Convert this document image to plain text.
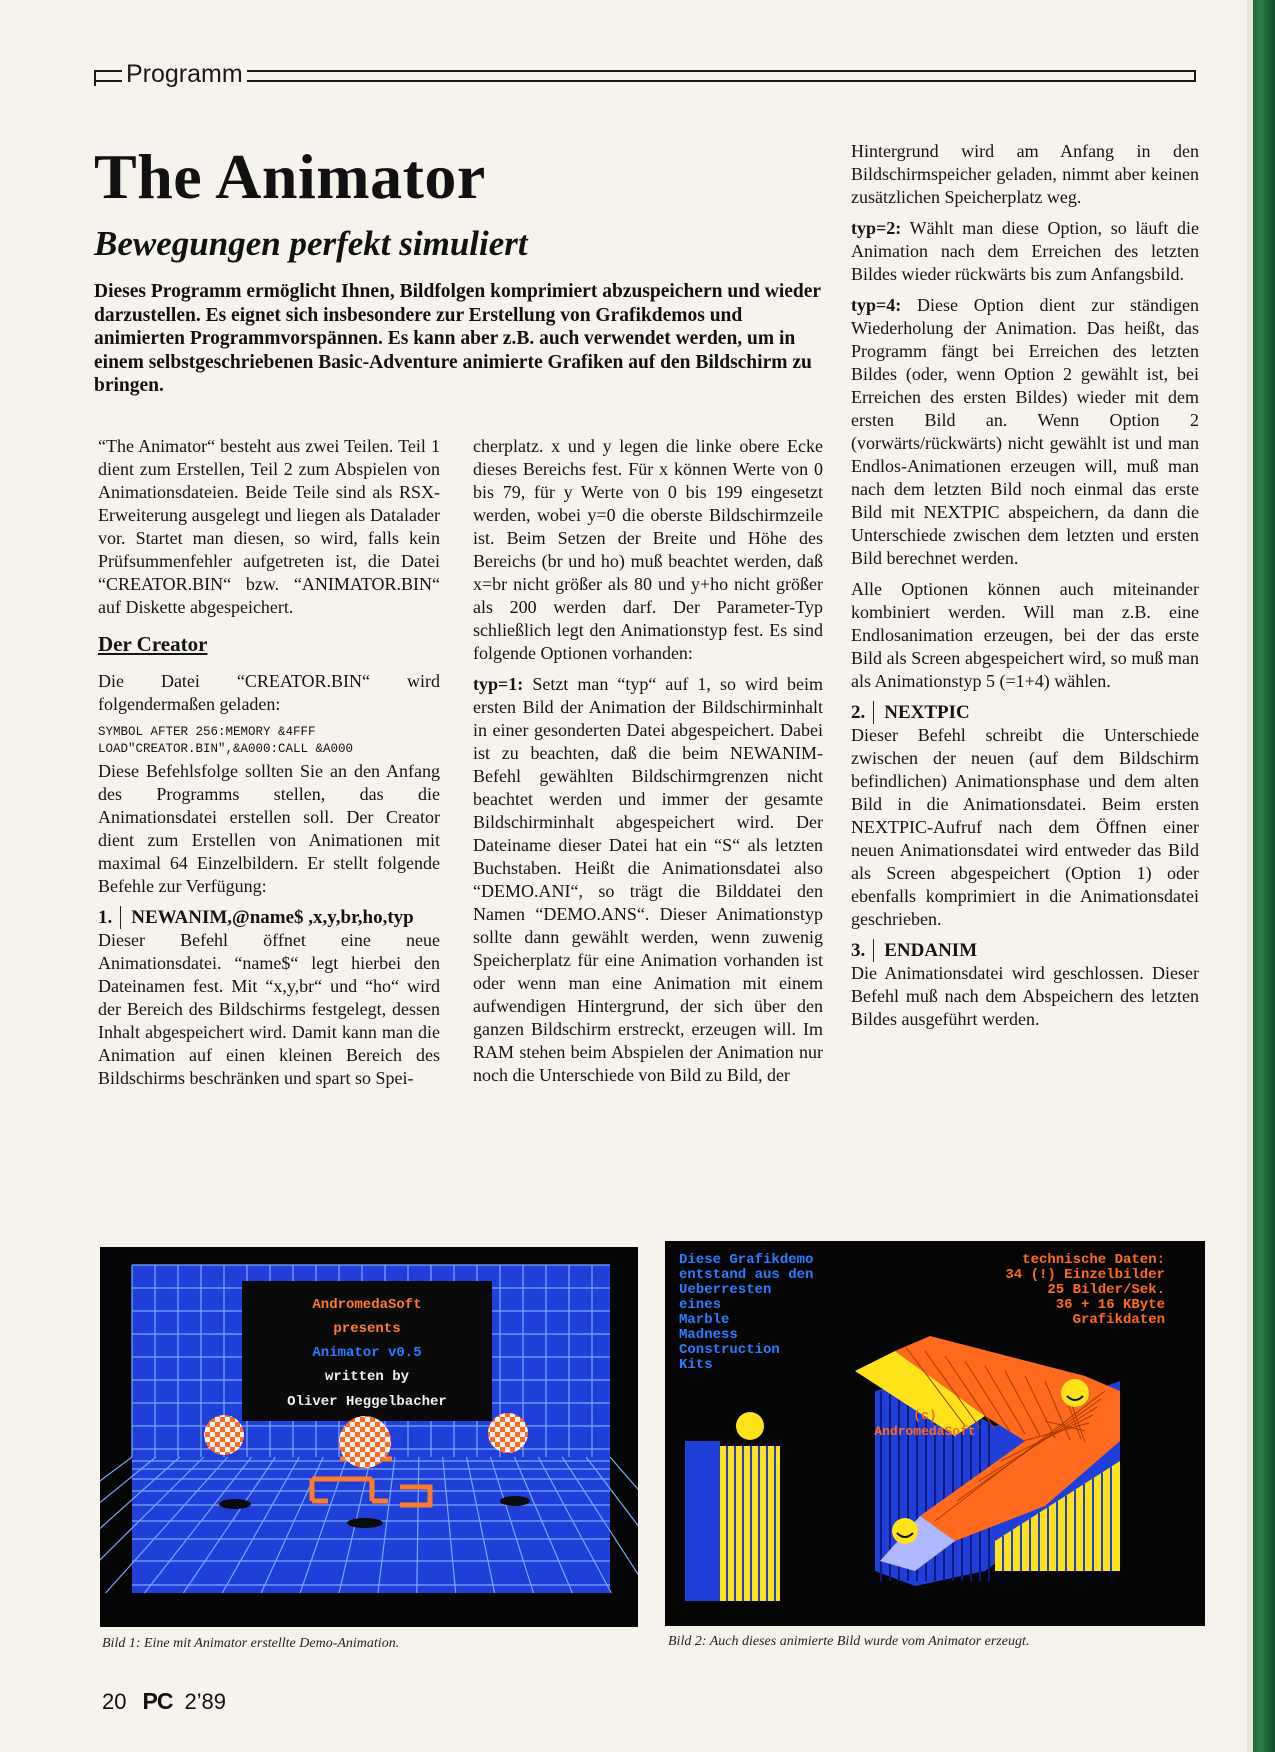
Programm
The Animator
Bewegungen perfekt simuliert

Dieses Programm ermöglicht Ihnen, Bildfolgen komprimiert abzuspeichern und wieder darzustellen. Es eignet sich insbesondere zur Erstellung von Grafikdemos und animierten Programmvorspännen. Es kann aber z.B. auch verwendet werden, um in einem selbstgeschriebenen Basic-Adventure animierte Grafiken auf den Bildschirm zu bringen.

“The Animator“ besteht aus zwei Teilen. Teil 1 dient zum Erstellen, Teil 2 zum Abspielen von Animationsdateien. Beide Teile sind als RSX-Erweiterung ausgelegt und liegen als Datalader vor. Startet man diesen, so wird, falls kein Prüfsummenfehler aufgetreten ist, die Datei “CREATOR.BIN“ bzw. “ANIMATOR.BIN“ auf Diskette abgespeichert.

Der Creator

Die Datei “CREATOR.BIN“ wird folgendermaßen geladen:

SYMBOL AFTER 256:MEMORY &4FFF LOAD"CREATOR.BIN",&A000:CALL &A000

Diese Befehlsfolge sollten Sie an den Anfang des Programms stellen, das die Animationsdatei erstellen soll. Der Creator dient zum Erstellen von Animationen mit maximal 64 Einzelbildern. Er stellt folgende Befehle zur Verfügung:

1. NEWANIM,@name$ ,x,y,br,ho,typ

Dieser Befehl öffnet eine neue Animationsdatei. “name$“ legt hierbei den Dateinamen fest. Mit “x,y,br“ und “ho“ wird der Bereich des Bildschirms festgelegt, dessen Inhalt abgespeichert wird. Damit kann man die Animation auf einen kleinen Bereich des Bildschirms beschränken und spart so Spei-

cherplatz. x und y legen die linke obere Ecke dieses Bereichs fest. Für x können Werte von 0 bis 79, für y Werte von 0 bis 199 eingesetzt werden, wobei y=0 die oberste Bildschirmzeile ist. Beim Setzen der Breite und Höhe des Bereichs (br und ho) muß beachtet werden, daß x=br nicht größer als 80 und y+ho nicht größer als 200 werden darf. Der Parameter-Typ schließlich legt den Animationstyp fest. Es sind folgende Optionen vorhanden:

typ=1: Setzt man “typ“ auf 1, so wird beim ersten Bild der Animation der Bildschirminhalt in einer gesonderten Datei abgespeichert. Dabei ist zu beachten, daß die beim NEWANIM-Befehl gewählten Bildschirmgrenzen nicht beachtet werden und immer der gesamte Bildschirminhalt abgespeichert wird. Der Dateiname dieser Datei hat ein “S“ als letzten Buchstaben. Heißt die Animationsdatei also “DEMO.ANI“, so trägt die Bilddatei den Namen “DEMO.ANS“. Dieser Animationstyp sollte dann gewählt werden, wenn zuwenig Speicherplatz für eine Animation vorhanden ist oder wenn man eine Animation mit einem aufwendigen Hintergrund, der sich über den ganzen Bildschirm erstreckt, erzeugen will. Im RAM stehen beim Abspielen der Animation nur noch die Unterschiede von Bild zu Bild, der

Hintergrund wird am Anfang in den Bildschirmspeicher geladen, nimmt aber keinen zusätzlichen Speicherplatz weg.

typ=2: Wählt man diese Option, so läuft die Animation nach dem Erreichen des letzten Bildes wieder rückwärts bis zum Anfangsbild.

typ=4: Diese Option dient zur ständigen Wiederholung der Animation. Das heißt, das Programm fängt bei Erreichen des letzten Bildes (oder, wenn Option 2 gewählt ist, bei Erreichen des ersten Bildes) wieder mit dem ersten Bild an. Wenn Option 2 (vorwärts/rückwärts) nicht gewählt ist und man Endlos-Animationen erzeugen will, muß man nach dem letzten Bild noch einmal das erste Bild mit NEXTPIC abspeichern, da dann die Unterschiede zwischen dem letzten und ersten Bild berechnet werden.

Alle Optionen können auch miteinander kombiniert werden. Will man z.B. eine Endlosanimation erzeugen, bei der das erste Bild als Screen abgespeichert wird, so muß man als Animationstyp 5 (=1+4) wählen.

2. NEXTPIC

Dieser Befehl schreibt die Unterschiede zwischen der neuen (auf dem Bildschirm befindlichen) Animationsphase und dem alten Bild in die Animationsdatei. Beim ersten NEXTPIC-Aufruf nach dem Öffnen einer neuen Animationsdatei wird entweder das Bild als Screen abgespeichert (Option 1) oder ebenfalls komprimiert in die Animationsdatei geschrieben.

3. ENDANIM

Die Animationsdatei wird geschlossen. Dieser Befehl muß nach dem Abspeichern des letzten Bildes ausgeführt werden.

AndromedaSoft
presents
Animator v0.5
written by
Oliver Heggelbacher
Bild 1: Eine mit Animator erstellte Demo-Animation.
Diese Grafikdemo
entstand aus den
Ueberresten
eines
Marble
Madness
Construction
Kits
technische Daten:
34 (!) Einzelbilder
25 Bilder/Sek.
36 + 16 KByte
Grafikdaten
(c)
AndromedaSoft
Bild 2: Auch dieses animierte Bild wurde vom Animator erzeugt.
20 PC 2’89
